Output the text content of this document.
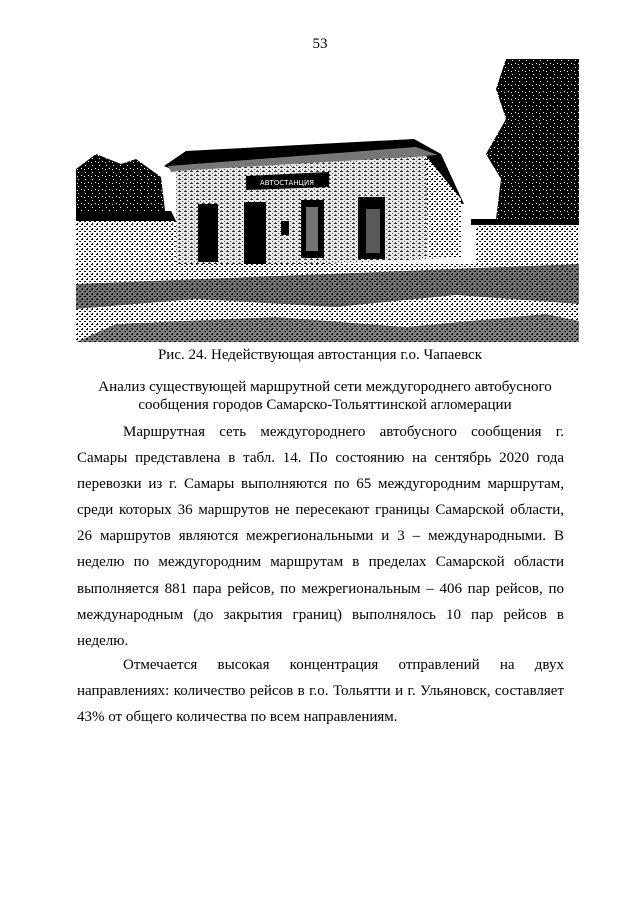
53
АВТОСТАНЦИЯ
Рис. 24. Недействующая автостанция г.о. Чапаевск
Анализ существующей маршрутной сети междугороднего автобусного
сообщения городов Самарско-Тольяттинской агломерации

Маршрутная сеть междугороднего автобусного сообщения г. Самары представлена в табл. 14. По состоянию на сентябрь 2020 года перевозки из г. Самары выполняются по 65 междугородним маршрутам, среди которых 36 маршрутов не пересекают границы Самарской области, 26 маршрутов являются межрегиональными и 3 – международными. В неделю по междугородним маршрутам в пределах Самарской области выполняется 881 пара рейсов, по межрегиональным – 406 пар рейсов, по международным (до закрытия границ) выполнялось 10 пар рейсов в неделю.

Отмечается высокая концентрация отправлений на двух направлениях: количество рейсов в г.о. Тольятти и г. Ульяновск, составляет 43% от общего количества по всем направлениям.
